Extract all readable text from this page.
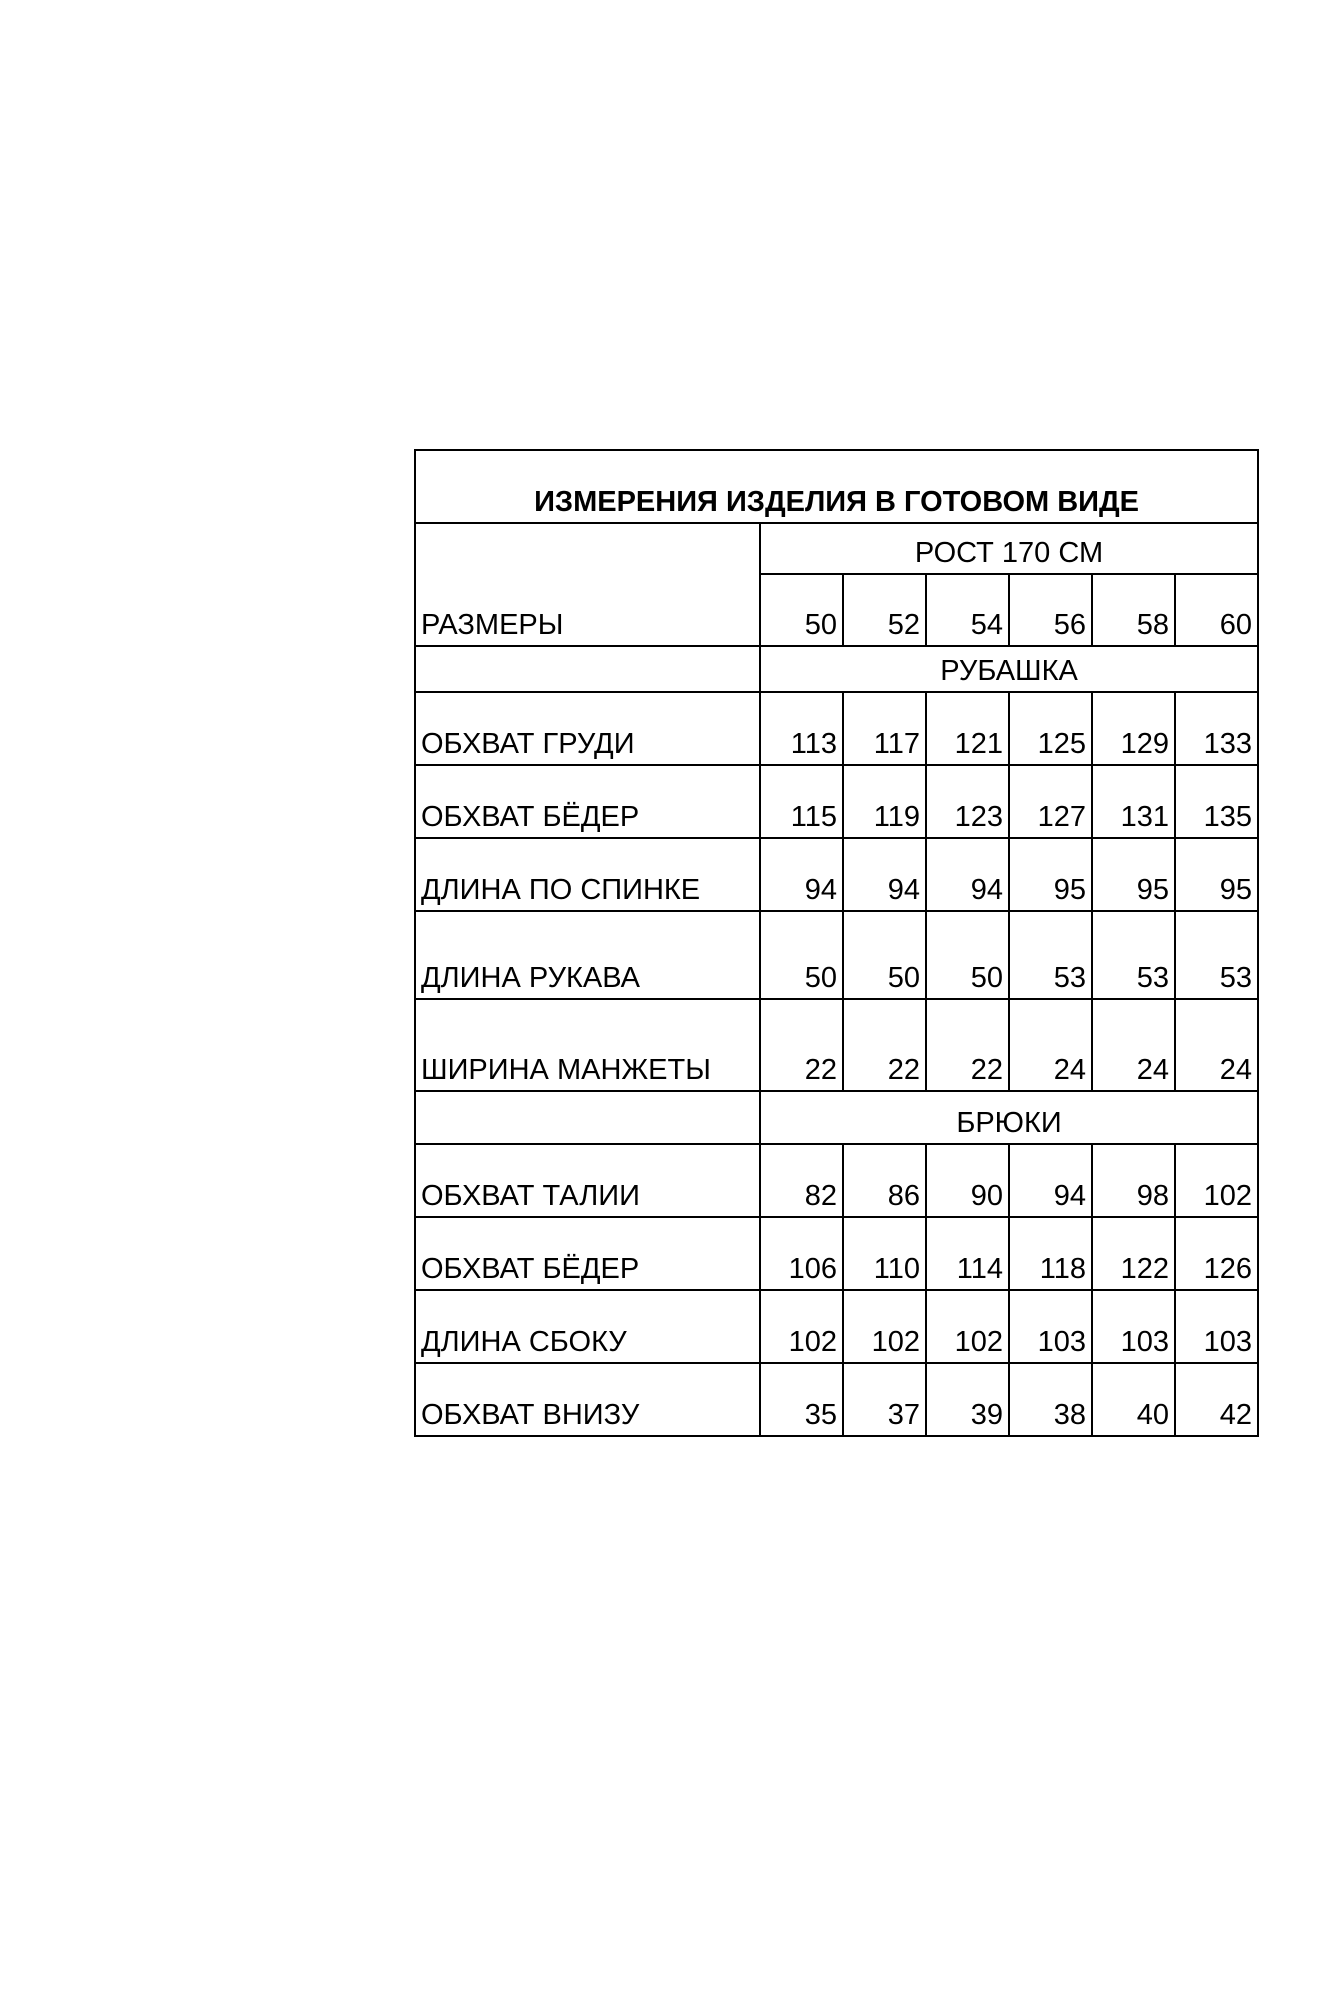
ИЗМЕРЕНИЯ ИЗДЕЛИЯ В ГОТОВОМ ВИДЕ						
РАЗМЕРЫ	РОСТ 170 СМ					
	50	52	54	56	58	60
	РУБАШКА					
ОБХВАТ ГРУДИ	113	117	121	125	129	133
ОБХВАТ БЁДЕР	115	119	123	127	131	135
ДЛИНА ПО СПИНКЕ	94	94	94	95	95	95
ДЛИНА РУКАВА	50	50	50	53	53	53
ШИРИНА МАНЖЕТЫ	22	22	22	24	24	24
	БРЮКИ					
ОБХВАТ ТАЛИИ	82	86	90	94	98	102
ОБХВАТ БЁДЕР	106	110	114	118	122	126
ДЛИНА СБОКУ	102	102	102	103	103	103
ОБХВАТ ВНИЗУ	35	37	39	38	40	42
